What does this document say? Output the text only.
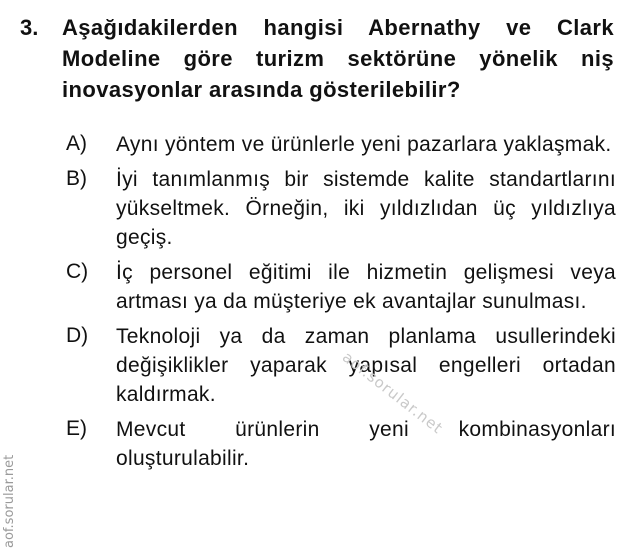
3.	Aşağıdakilerden hangisi Abernathy ve Clark Modeline göre turizm sektörüne yönelik niş inovasyonlar arasında gösterilebilir?
A)	Aynı yöntem ve ürünlerle yeni pazarlara yaklaşmak.
B)	İyi tanımlanmış bir sistemde kalite standartlarını yükseltmek. Örneğin, iki yıldızlıdan üç yıldızlıya geçiş.
C)	İç personel eğitimi ile hizmetin gelişmesi veya artması ya da müşteriye ek avantajlar sunulması.
D)	Teknoloji ya da zaman planlama usullerindeki değişiklikler yaparak yapısal engelleri ortadan kaldırmak.
E)	Mevcut ürünlerin yeni kombinasyonları oluşturulabilir.
aof.sorular.net
aof.sorular.net
